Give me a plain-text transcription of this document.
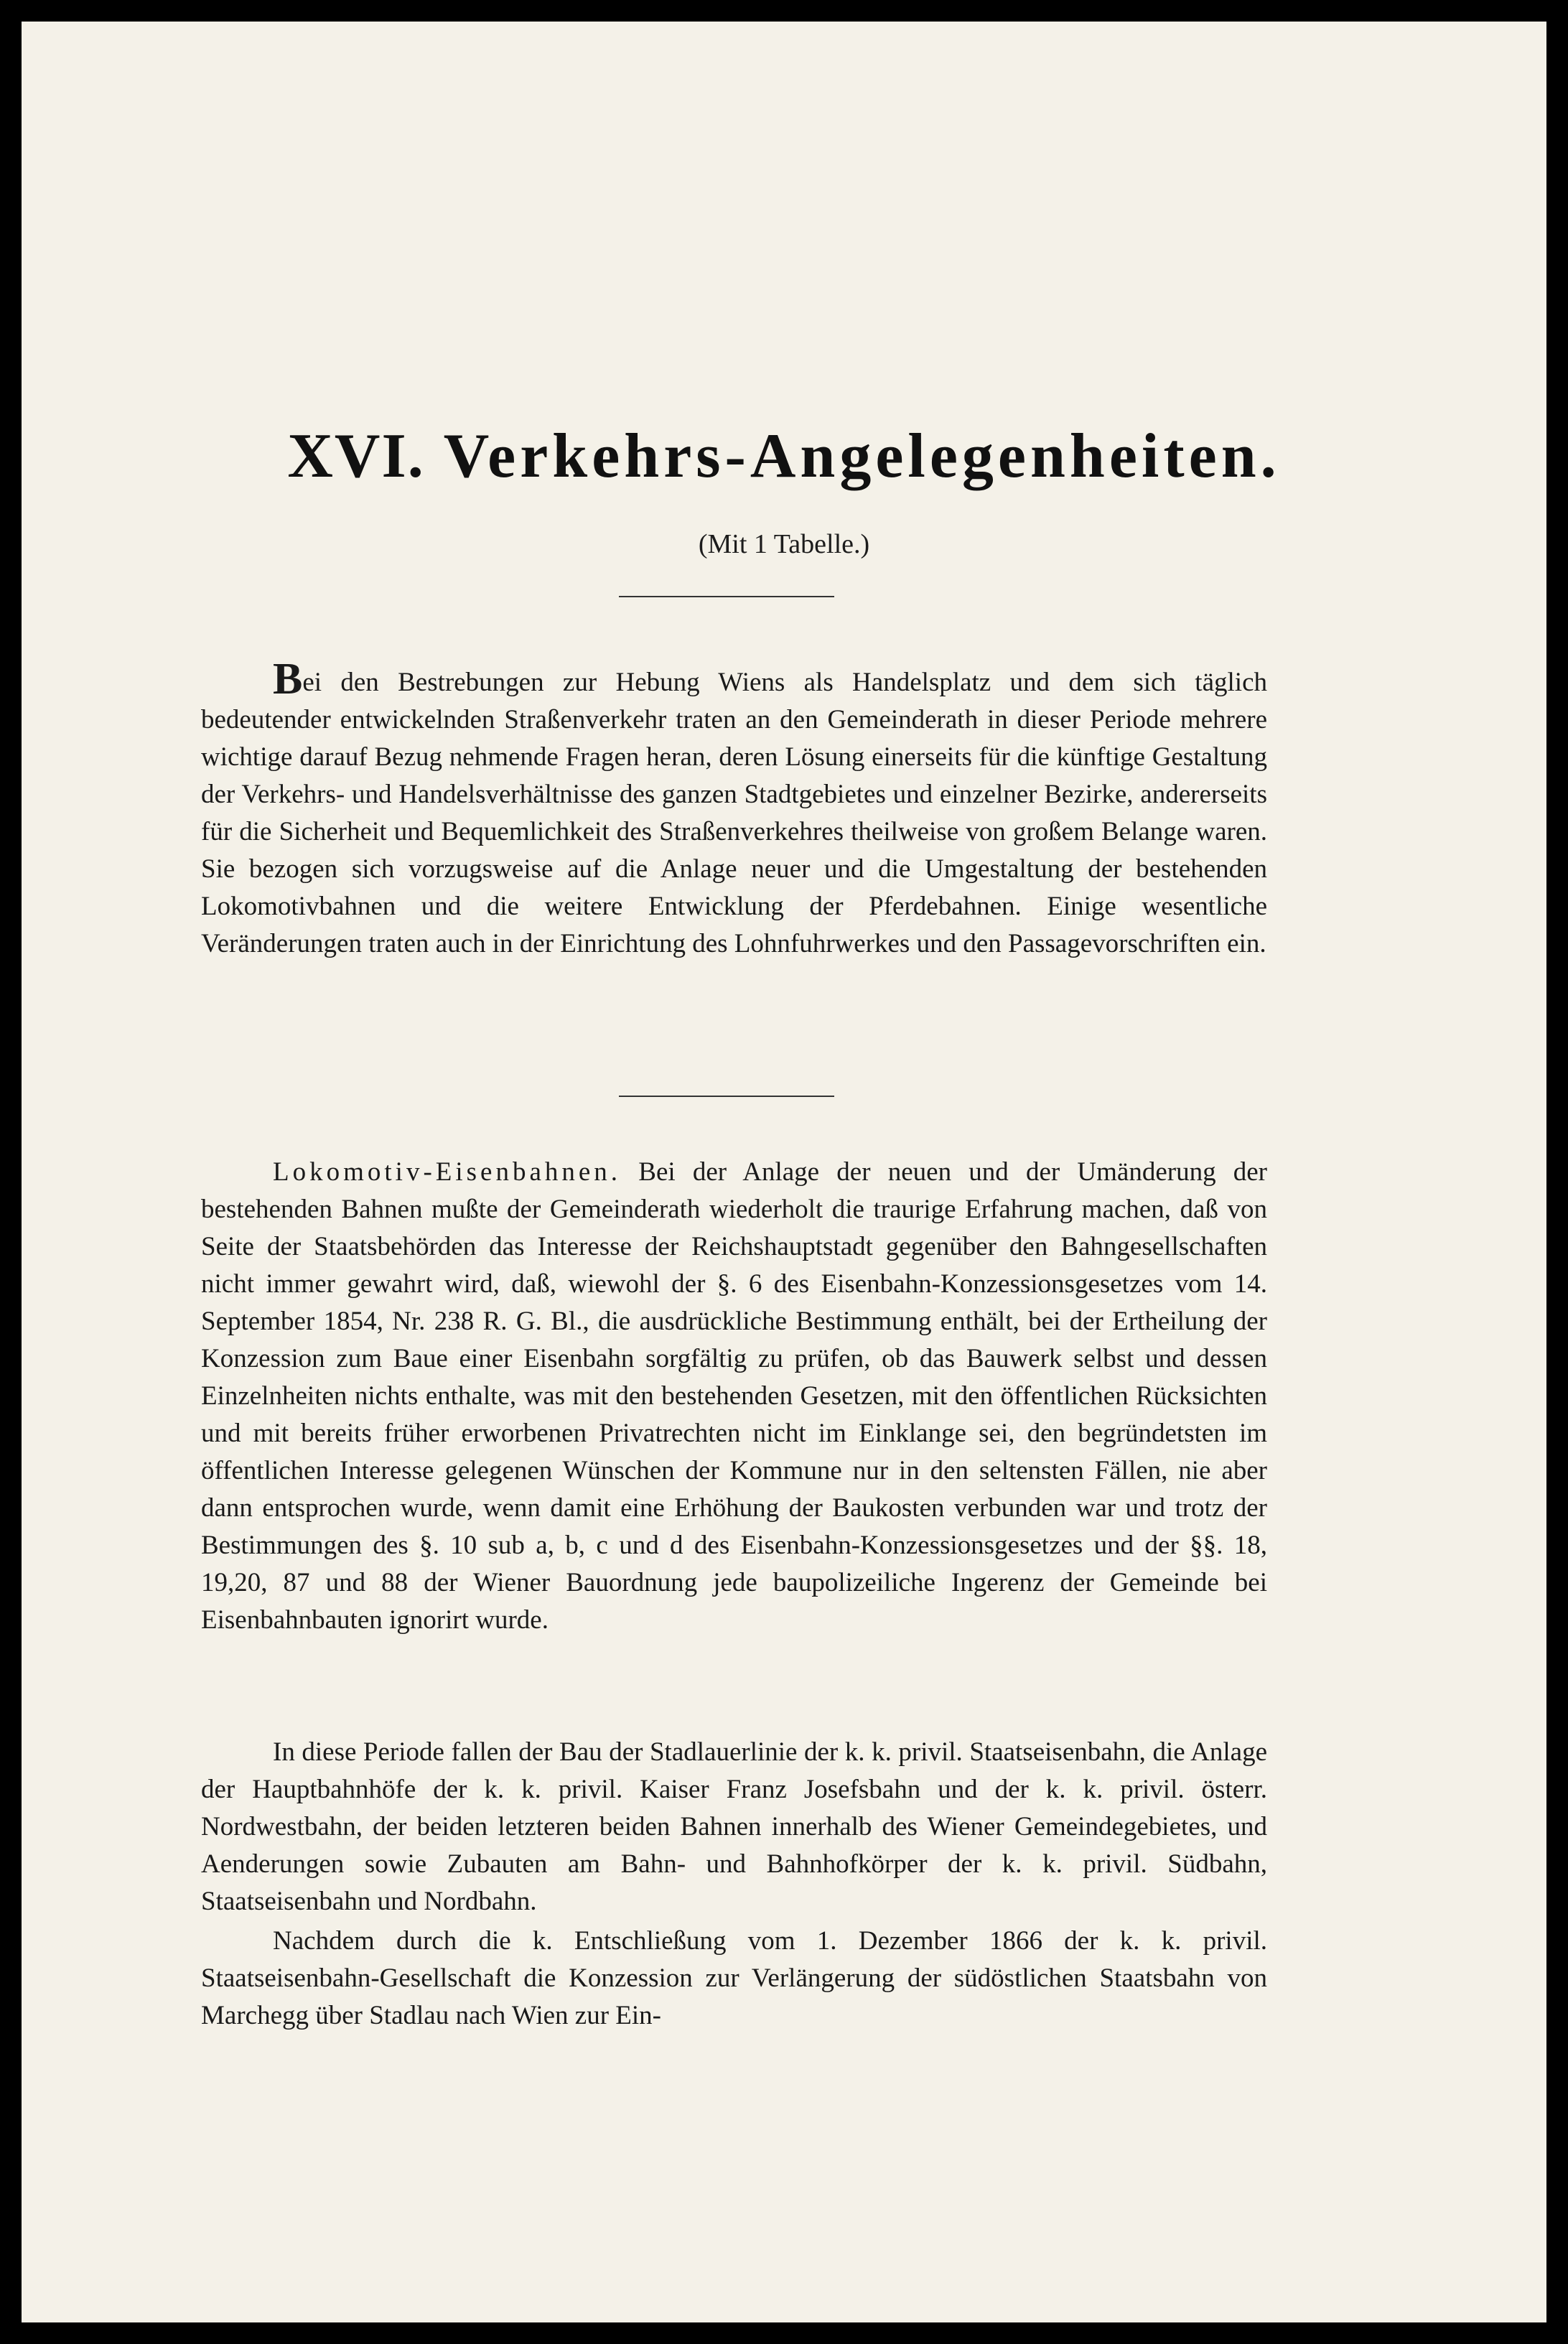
XVI. Verkehrs-Angelegenheiten.
(Mit 1 Tabelle.)

Bei den Bestrebungen zur Hebung Wiens als Handelsplatz und dem sich täglich bedeutender entwickelnden Straßenverkehr traten an den Gemeinderath in dieser Periode mehrere wichtige darauf Bezug nehmende Fragen heran, deren Lösung einerseits für die künftige Gestaltung der Verkehrs- und Handelsverhältnisse des ganzen Stadtgebietes und einzelner Bezirke, andererseits für die Sicherheit und Bequemlichkeit des Straßenverkehres theilweise von großem Belange waren. Sie bezogen sich vorzugsweise auf die Anlage neuer und die Umgestaltung der bestehenden Lokomotivbahnen und die weitere Entwicklung der Pferdebahnen. Einige wesentliche Veränderungen traten auch in der Einrichtung des Lohnfuhrwerkes und den Passagevorschriften ein.

Lokomotiv-Eisenbahnen. Bei der Anlage der neuen und der Umänderung der bestehenden Bahnen mußte der Gemeinderath wiederholt die traurige Erfahrung machen, daß von Seite der Staatsbehörden das Interesse der Reichshauptstadt gegenüber den Bahngesellschaften nicht immer gewahrt wird, daß, wiewohl der §. 6 des Eisenbahn-Konzessionsgesetzes vom 14. September 1854, Nr. 238 R. G. Bl., die ausdrückliche Bestimmung enthält, bei der Ertheilung der Konzession zum Baue einer Eisenbahn sorgfältig zu prüfen, ob das Bauwerk selbst und dessen Einzelnheiten nichts enthalte, was mit den bestehenden Gesetzen, mit den öffentlichen Rücksichten und mit bereits früher erworbenen Privatrechten nicht im Einklange sei, den begründetsten im öffentlichen Interesse gelegenen Wünschen der Kommune nur in den seltensten Fällen, nie aber dann entsprochen wurde, wenn damit eine Erhöhung der Baukosten verbunden war und trotz der Bestimmungen des §. 10 sub a, b, c und d des Eisenbahn-Konzessionsgesetzes und der §§. 18, 19,20, 87 und 88 der Wiener Bauordnung jede baupolizeiliche Ingerenz der Gemeinde bei Eisenbahnbauten ignorirt wurde.

In diese Periode fallen der Bau der Stadlauerlinie der k. k. privil. Staatseisenbahn, die Anlage der Hauptbahnhöfe der k. k. privil. Kaiser Franz Josefsbahn und der k. k. privil. österr. Nordwestbahn, der beiden letzteren beiden Bahnen innerhalb des Wiener Gemeindegebietes, und Aenderungen sowie Zubauten am Bahn- und Bahnhofkörper der k. k. privil. Südbahn, Staatseisenbahn und Nordbahn.

Nachdem durch die k. Entschließung vom 1. Dezember 1866 der k. k. privil. Staatseisenbahn-Gesellschaft die Konzession zur Verlängerung der südöstlichen Staatsbahn von Marchegg über Stadlau nach Wien zur Ein-
